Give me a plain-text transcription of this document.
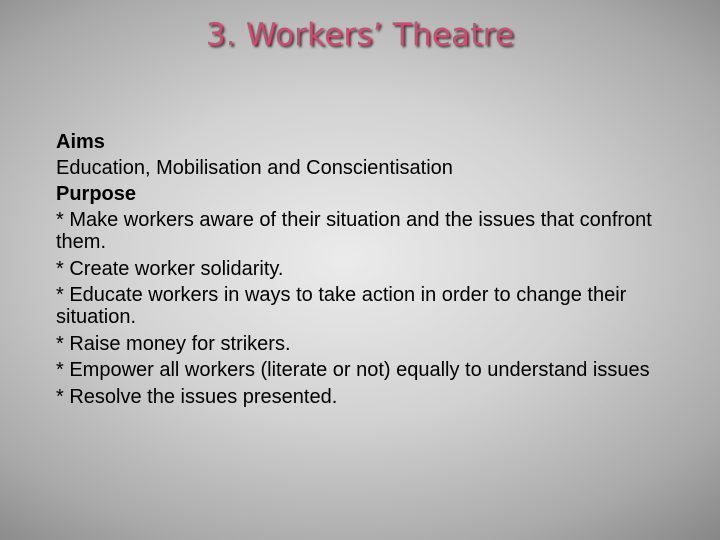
3. Workers’ Theatre
Aims
Education, Mobilisation and Conscientisation
Purpose
* Make workers aware of their situation and the issues that confront them.
* Create worker solidarity.
* Educate workers in ways to take action in order to change their situation.
* Raise money for strikers.
* Empower all workers (literate or not) equally to understand issues
* Resolve the issues presented.
